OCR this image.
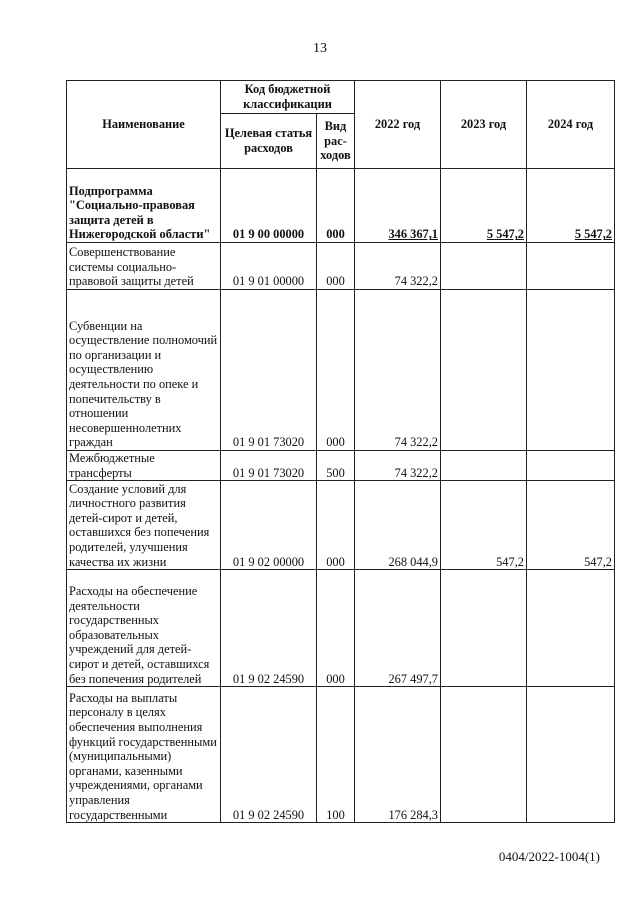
13
Наименование	Код бюджетной классификации		2022 год	2023 год	2024 год
	Целевая статья расходов	Вид рас-ходов			
Подпрограмма "Социально-правовая защита детей в Нижегородской области"	01 9 00 00000	000	346 367,1	5 547,2	5 547,2
Совершенствование системы социально-правовой защиты детей	01 9 01 00000	000	74 322,2		
Субвенции на осуществление полномочий по организации и осуществлению деятельности по опеке и попечительству в отношении несовершеннолетних граждан	01 9 01 73020	000	74 322,2		
Межбюджетные трансферты	01 9 01 73020	500	74 322,2		
Создание условий для личностного развития детей-сирот и детей, оставшихся без попечения родителей, улучшения качества их жизни	01 9 02 00000	000	268 044,9	547,2	547,2
Расходы на обеспечение деятельности государственных образовательных учреждений для детей-сирот и детей, оставшихся без попечения родителей	01 9 02 24590	000	267 497,7		
Расходы на выплаты персоналу в целях обеспечения выполнения функций государственными (муниципальными) органами, казенными учреждениями, органами управления государственными	01 9 02 24590	100	176 284,3		
0404/2022-1004(1)
